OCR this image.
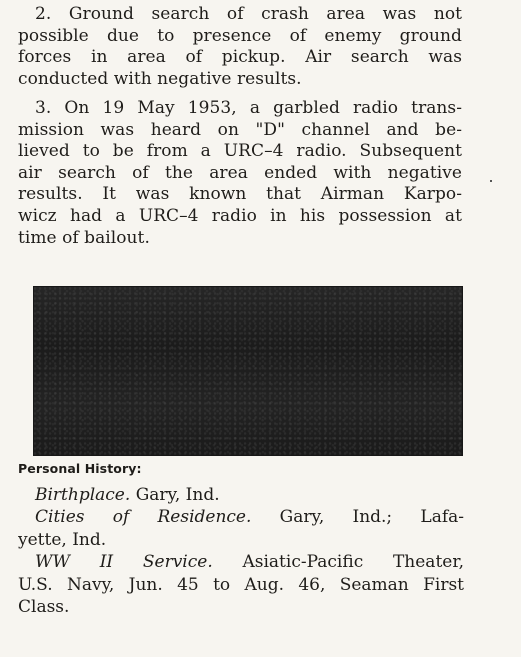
2. Ground search of crash area was not
possible due to presence of enemy ground
forces in area of pickup. Air search was
conducted with negative results.
3. On 19 May 1953, a garbled radio trans-
mission was heard on "D" channel and be-
lieved to be from a URC–4 radio. Subsequent
air search of the area ended with negative
results. It was known that Airman Karpo-
wicz had a URC–4 radio in his possession at
time of bailout.
Personal History:
Birthplace. Gary, Ind.
Cities of Residence. Gary, Ind.; Lafa-
yette, Ind.
WW II Service. Asiatic-Pacific Theater,
U.S. Navy, Jun. 45 to Aug. 46, Seaman First
Class.
